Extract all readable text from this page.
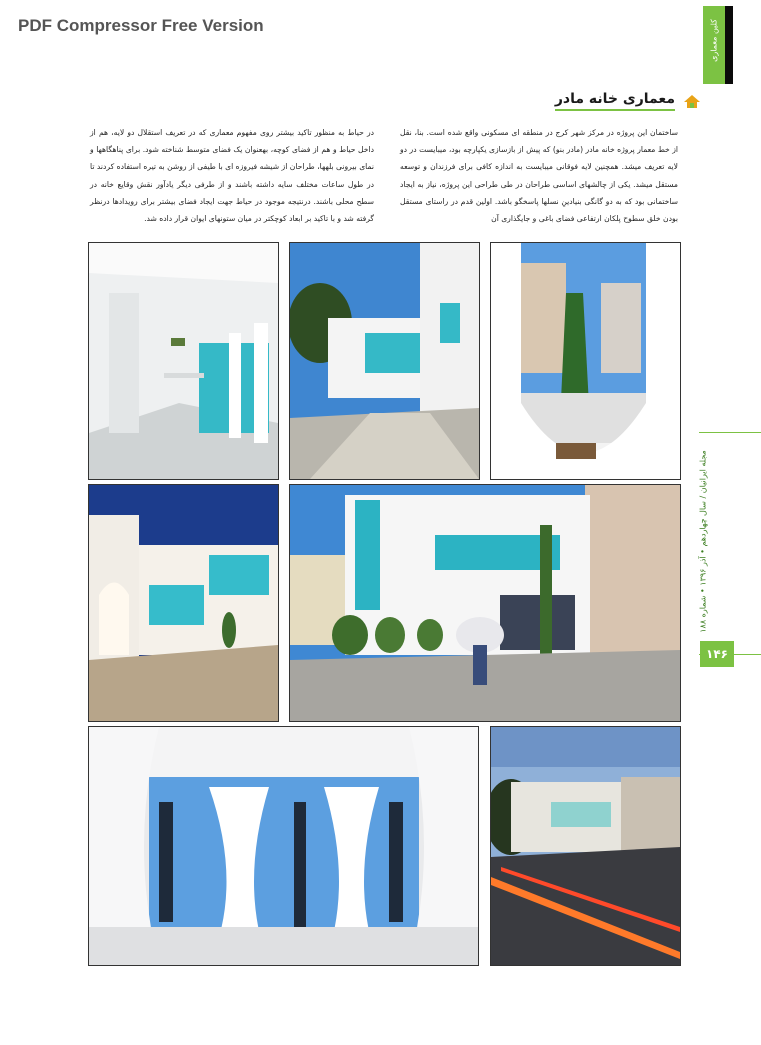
PDF Compressor Free Version	کلین معماری
معماری خانه مادر
ساختمان این پروژه در مرکز شهر کرج در منطقه ای مسکونی واقع شده است. بنا، نقل از خط معمار پروژه خانه مادر (مادر بنو) که پیش از بازسازی یکپارچه بود، میبایست در دو لایه تعریف میشد. همچنین لایه فوقانی میبایست به اندازه کافی برای فرزندان و توسعه مستقل میشد. یکی از چالشهای اساسی طراحان در طی طراحی این پروژه، نیاز به ایجاد ساختمانی بود که به دو گانگی بنیادینِ نسلها پاسخگو باشد. اولین قدم در راستای مستقل بودن خلق سطوح پلکان ارتفاعی فضای باغی و جایگذاری آن
در حیاط به منظور تاکید بیشتر روی مفهوم معماری که در تعریف استقلال دو لایه، هم از داخل حیاط و هم از فضای کوچه، بهعنوان یک فضای متوسط شناخته شود. برای پناهگاهها و نمای بیرونی بلهها، طراحان از شیشه فیروزه ای با طیفی از روشن به تیره استفاده کردند تا در طول ساعات مختلف سایه داشته باشند و از طرفی دیگر یادآور نقش وقایع خانه در سطح محلی باشند. درنتیجه موجود در حیاط جهت ایجاد فضای بیشتر برای رویدادها درنظر گرفته شد و با تاکید بر ابعاد کوچکتر در میان ستونهای ایوان قرار داده شد.
مجله ایرانیان / سال چهاردهم • آذر ۱۳۹۶ • شماره ۱۸۸
۱۴۶
